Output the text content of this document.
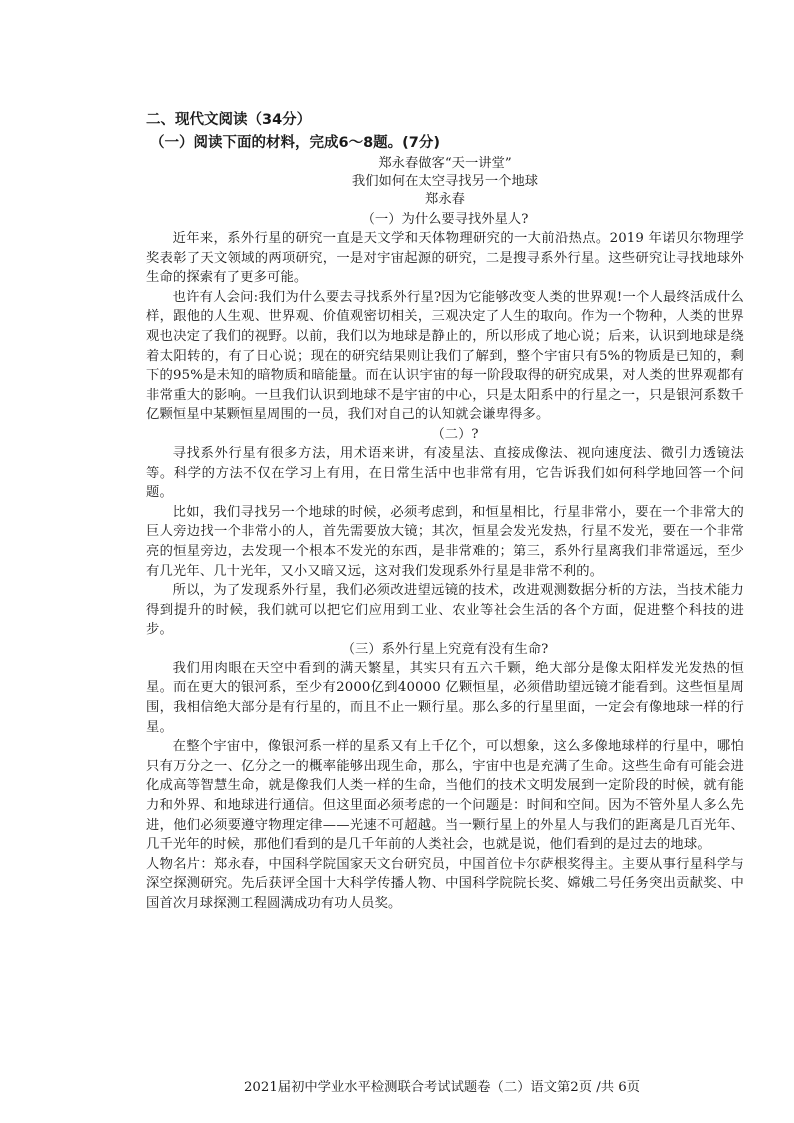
二、现代文阅读（34分）
（一）阅读下面的材料，完成6～8题。(7分)
郑永春做客“天一讲堂”
我们如何在太空寻找另一个地球
郑永春
（一）为什么要寻找外星人?

近年来，系外行星的研究一直是天文学和天体物理研究的一大前沿热点。2019 年诺贝尔物理学奖表彰了天文领域的两项研究，一是对宇宙起源的研究，二是搜寻系外行星。这些研究让寻找地球外生命的探索有了更多可能。

也许有人会问:我们为什么要去寻找系外行星?因为它能够改变人类的世界观!一个人最终活成什么样，跟他的人生观、世界观、价值观密切相关，三观决定了人生的取向。作为一个物种，人类的世界观也决定了我们的视野。以前，我们以为地球是静止的，所以形成了地心说；后来，认识到地球是绕着太阳转的，有了日心说；现在的研究结果则让我们了解到，整个宇宙只有5%的物质是已知的，剩下的95%是未知的暗物质和暗能量。而在认识宇宙的每一阶段取得的研究成果，对人类的世界观都有非常重大的影响。一旦我们认识到地球不是宇宙的中心，只是太阳系中的行星之一，只是银河系数千亿颗恒星中某颗恒星周围的一员，我们对自己的认知就会谦卑得多。

（二）?

寻找系外行星有很多方法，用术语来讲，有凌星法、直接成像法、视向速度法、微引力透镜法等。科学的方法不仅在学习上有用，在日常生活中也非常有用，它告诉我们如何科学地回答一个问题。

比如，我们寻找另一个地球的时候，必须考虑到，和恒星相比，行星非常小，要在一个非常大的巨人旁边找一个非常小的人，首先需要放大镜；其次，恒星会发光发热，行星不发光，要在一个非常亮的恒星旁边，去发现一个根本不发光的东西，是非常难的；第三，系外行星离我们非常遥远，至少有几光年、几十光年，又小又暗又远，这对我们发现系外行星是非常不利的。

所以，为了发现系外行星，我们必须改进望远镜的技术，改进观测数据分析的方法，当技术能力得到提升的时候，我们就可以把它们应用到工业、农业等社会生活的各个方面，促进整个科技的进步。

（三）系外行星上究竟有没有生命?

我们用肉眼在天空中看到的满天繁星，其实只有五六千颗，绝大部分是像太阳样发光发热的恒星。而在更大的银河系，至少有2000亿到40000 亿颗恒星，必须借助望远镜才能看到。这些恒星周围，我相信绝大部分是有行星的，而且不止一颗行星。那么多的行星里面，一定会有像地球一样的行星。

在整个宇宙中，像银河系一样的星系又有上千亿个，可以想象，这么多像地球样的行星中，哪怕只有万分之一、亿分之一的概率能够出现生命，那么，宇宙中也是充满了生命。这些生命有可能会进化成高等智慧生命，就是像我们人类一样的生命，当他们的技术文明发展到一定阶段的时候，就有能力和外界、和地球进行通信。但这里面必须考虑的一个问题是：时间和空间。因为不管外星人多么先进，他们必须要遵守物理定律——光速不可超越。当一颗行星上的外星人与我们的距离是几百光年、几千光年的时候，那他们看到的是几千年前的人类社会，也就是说，他们看到的是过去的地球。

人物名片：郑永春，中国科学院国家天文台研究员，中国首位卡尔萨根奖得主。主要从事行星科学与深空探测研究。先后获评全国十大科学传播人物、中国科学院院长奖、嫦娥二号任务突出贡献奖、中国首次月球探测工程圆满成功有功人员奖。

2021届初中学业水平检测联合考试试题卷（二）语文第2页 /共 6页
